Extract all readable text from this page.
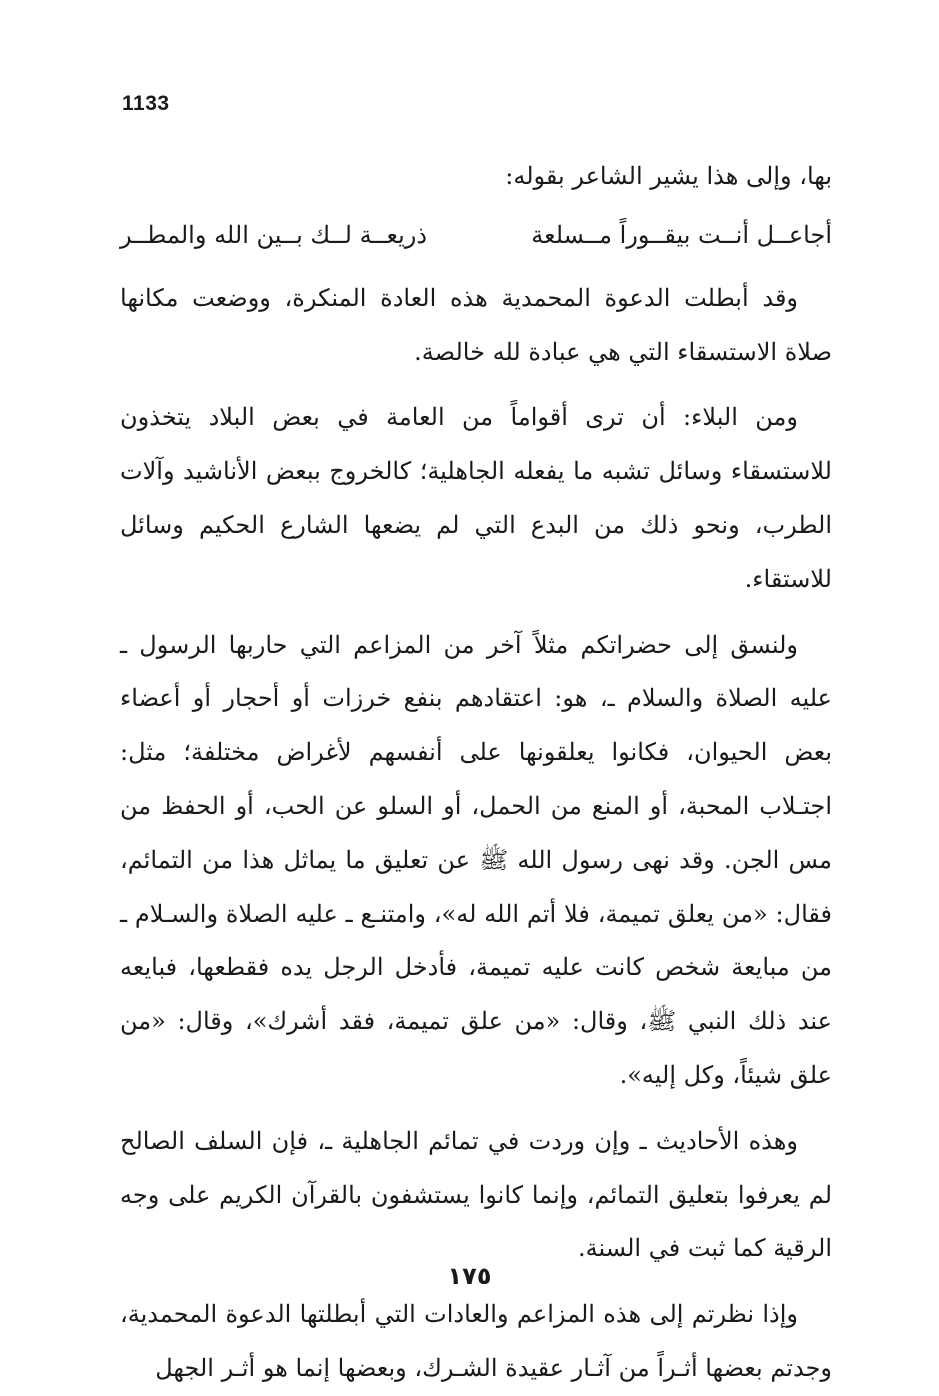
1133

بها، وإلى هذا يشير الشاعر بقوله:

أجاعــل أنــت بيقــوراً مــسلعة
ذريعــة لــك بــين الله والمطــر

وقد أبطلت الدعوة المحمدية هذه العادة المنكرة، ووضعت مكانها صلاة الاستسقاء التي هي عبادة لله خالصة.

ومن البلاء: أن ترى أقواماً من العامة في بعض البلاد يتخذون للاستسقاء وسائل تشبه ما يفعله الجاهلية؛ كالخروج ببعض الأناشيد وآلات الطرب، ونحو ذلك من البدع التي لم يضعها الشارع الحكيم وسائل للاستقاء.

ولنسق إلى حضراتكم مثلاً آخر من المزاعم التي حاربها الرسول ـ عليه الصلاة والسلام ـ، هو: اعتقادهم بنفع خرزات أو أحجار أو أعضاء بعض الحيوان، فكانوا يعلقونها على أنفسهم لأغراض مختلفة؛ مثل: اجتـلاب المحبة، أو المنع من الحمل، أو السلو عن الحب، أو الحفظ من مس الجن. وقد نهى رسول الله ﷺ عن تعليق ما يماثل هذا من التمائم، فقال: «من يعلق تميمة، فلا أتم الله له»، وامتنـع ـ عليه الصلاة والسـلام ـ من مبايعة شخص كانت عليه تميمة، فأدخل الرجل يده فقطعها، فبايعه عند ذلك النبي ﷺ، وقال: «من علق تميمة، فقد أشرك»، وقال: «من علق شيئاً، وكل إليه».

وهذه الأحاديث ـ وإن وردت في تمائم الجاهلية ـ، فإن السلف الصالح لم يعرفوا بتعليق التمائم، وإنما كانوا يستشفون بالقرآن الكريم على وجه الرقية كما ثبت في السنة.

وإذا نظرتم إلى هذه المزاعم والعادات التي أبطلتها الدعوة المحمدية، وجدتم بعضها أثـراً من آثـار عقيدة الشـرك، وبعضها إنما هو أثـر الجهل

١٧٥
